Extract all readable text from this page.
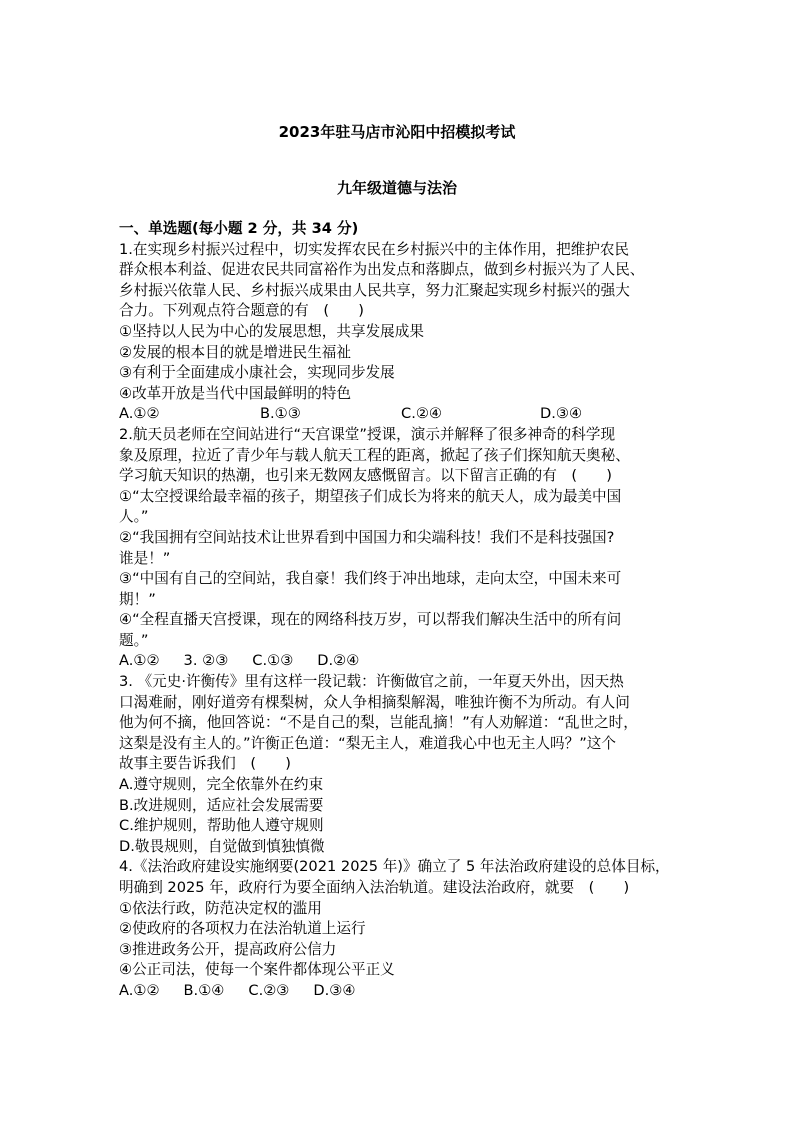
2023年驻马店市沁阳中招模拟考试
九年级道德与法治
一、单选题(每小题 2 分，共 34 分)
1.在实现乡村振兴过程中，切实发挥农民在乡村振兴中的主体作用，把维护农民
群众根本利益、促进农民共同富裕作为出发点和落脚点，做到乡村振兴为了人民、
乡村振兴依靠人民、乡村振兴成果由人民共享，努力汇聚起实现乡村振兴的强大
合力。下列观点符合题意的有　(　　)
①坚持以人民为中心的发展思想，共享发展成果
②发展的根本目的就是增进民生福祉
③有利于全面建成小康社会，实现同步发展
④改革开放是当代中国最鲜明的特色
A.①②	B.①③	C.②④	D.③④
2.航天员老师在空间站进行“天宫课堂”授课，演示并解释了很多神奇的科学现
象及原理，拉近了青少年与载人航天工程的距离，掀起了孩子们探知航天奥秘、
学习航天知识的热潮，也引来无数网友感慨留言。以下留言正确的有　(　　)
①“太空授课给最幸福的孩子，期望孩子们成长为将来的航天人，成为最美中国
人。”
②“我国拥有空间站技术让世界看到中国国力和尖端科技！我们不是科技强国?
谁是！”
③“中国有自己的空间站，我自豪！我们终于冲出地球，走向太空，中国未来可
期！”
④“全程直播天宫授课，现在的网络科技万岁，可以帮我们解决生活中的所有问
题。”
A.①② 3. ②③ C.①③ D.②④
3. 《元史·许衡传》里有这样一段记载：许衡做官之前，一年夏天外出，因天热
口渴难耐，刚好道旁有棵梨树，众人争相摘梨解渴，唯独许衡不为所动。有人问
他为何不摘，他回答说：“不是自己的梨，岂能乱摘！”有人劝解道：“乱世之时，
这梨是没有主人的。”许衡正色道：“梨无主人，难道我心中也无主人吗？”这个
故事主要告诉我们　(　　)
A.遵守规则，完全依靠外在约束
B.改进规则，适应社会发展需要
C.维护规则，帮助他人遵守规则
D.敬畏规则，自觉做到慎独慎微
4.《法治政府建设实施纲要(2021 2025 年)》确立了 5 年法治政府建设的总体目标，
明确到 2025 年，政府行为要全面纳入法治轨道。建设法治政府，就要　(　　)
①依法行政，防范决定权的滥用
②使政府的各项权力在法治轨道上运行
③推进政务公开，提高政府公信力
④公正司法，使每一个案件都体现公平正义
A.①② B.①④ C.②③ D.③④
